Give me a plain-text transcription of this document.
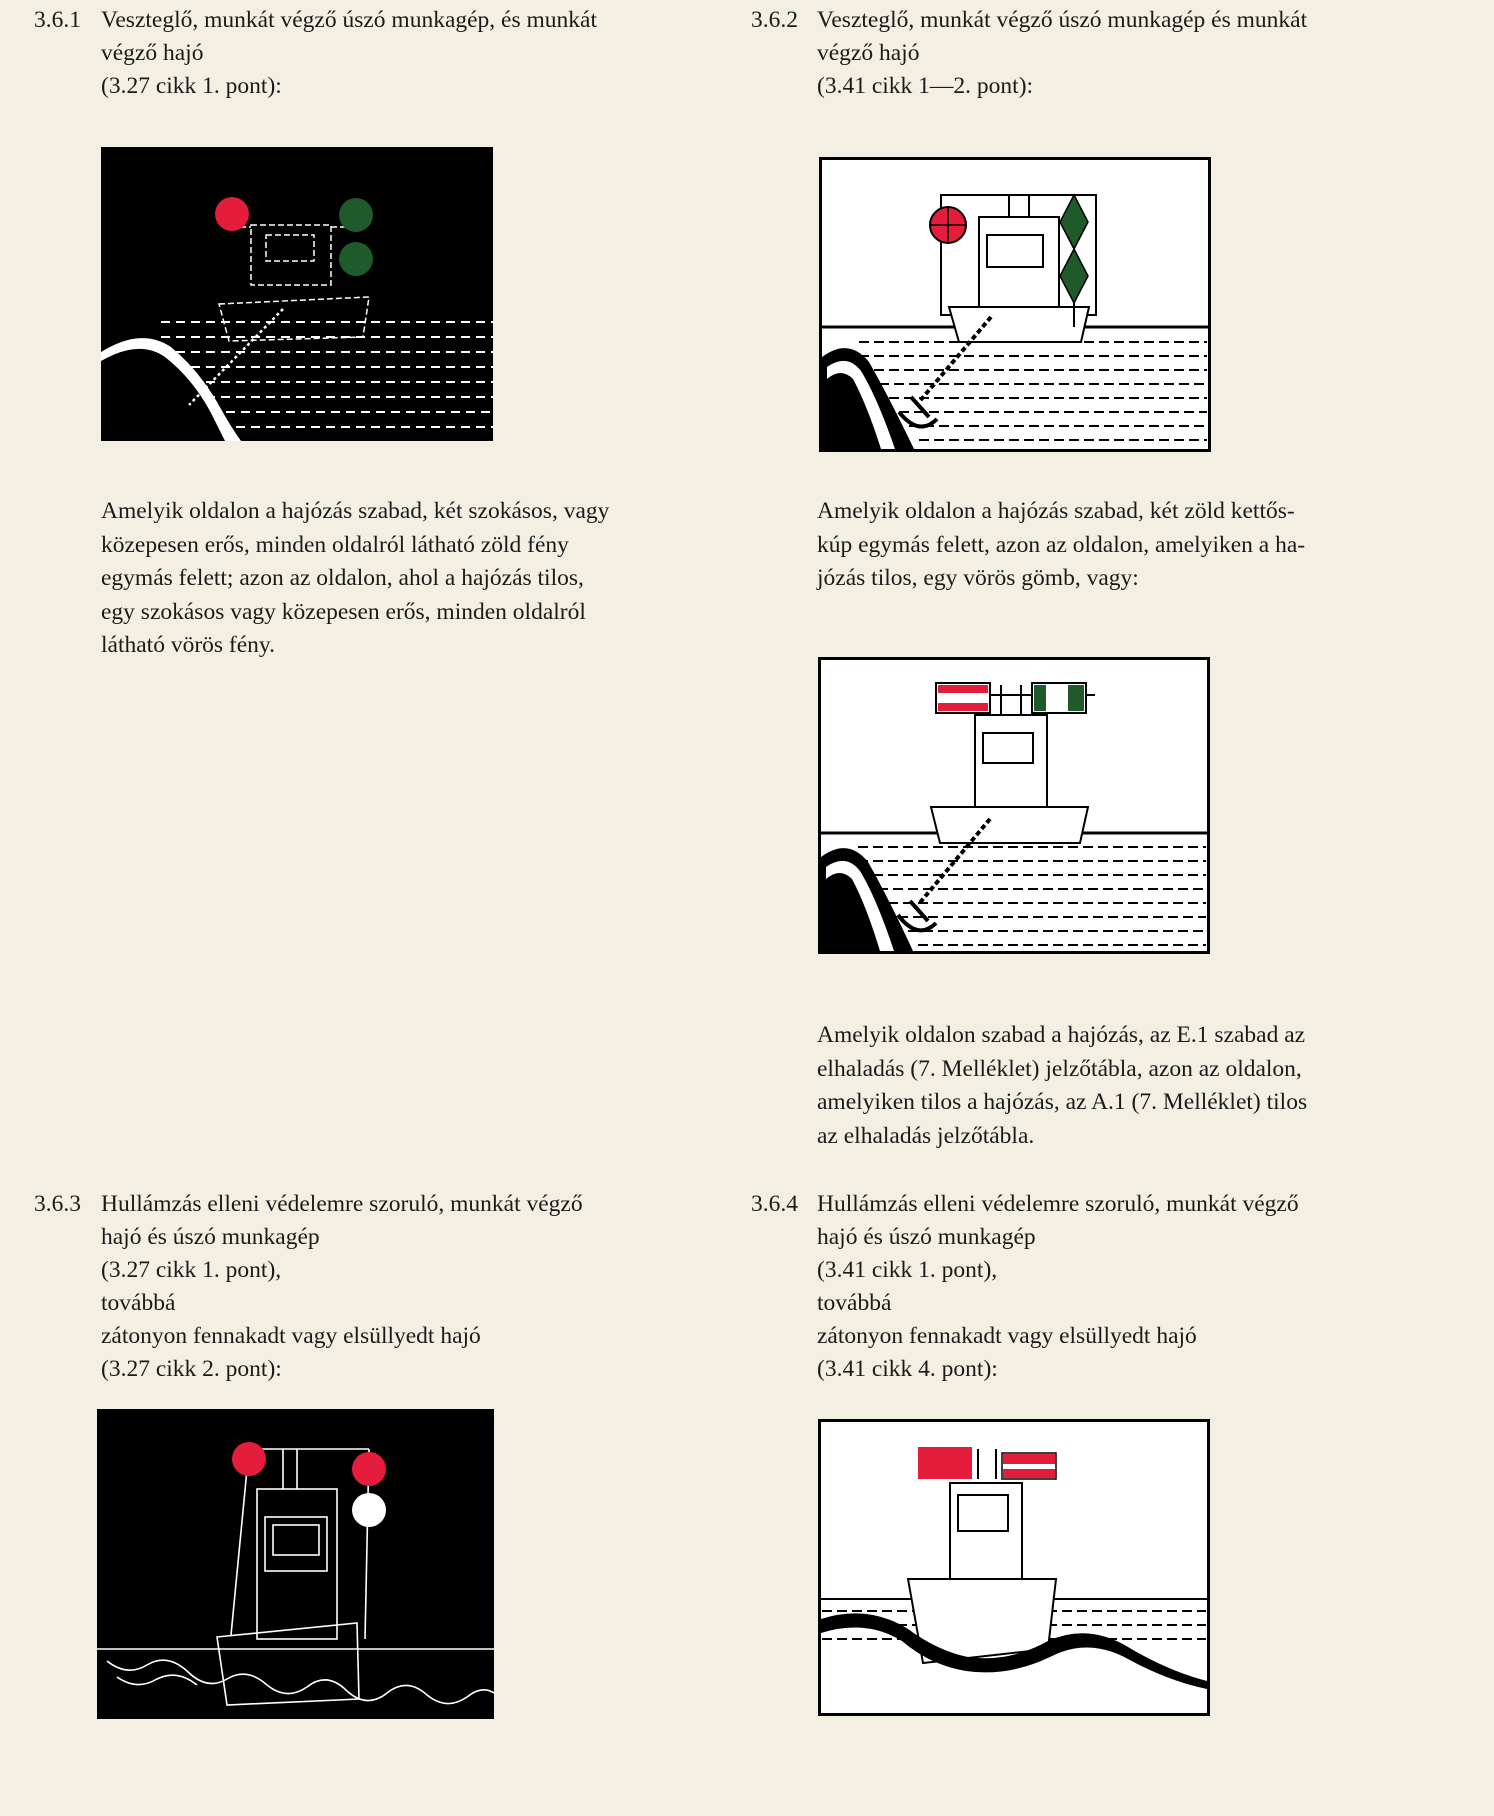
3.6.1 Veszteglő, munkát végző úszó munkagép, és munkát
végző hajó
(3.27 cikk 1. pont):
Amelyik oldalon a hajózás szabad, két szokásos, vagy
közepesen erős, minden oldalról látható zöld fény
egymás felett; azon az oldalon, ahol a hajózás tilos,
egy szokásos vagy közepesen erős, minden oldalról
látható vörös fény.
3.6.2 Veszteglő, munkát végző úszó munkagép és munkát
végző hajó
(3.41 cikk 1—2. pont):
Amelyik oldalon a hajózás szabad, két zöld kettős-
kúp egymás felett, azon az oldalon, amelyiken a ha-
józás tilos, egy vörös gömb, vagy:
Amelyik oldalon szabad a hajózás, az E.1 szabad az
elhaladás (7. Melléklet) jelzőtábla, azon az oldalon,
amelyiken tilos a hajózás, az A.1 (7. Melléklet) tilos
az elhaladás jelzőtábla.
3.6.3 Hullámzás elleni védelemre szoruló, munkát végző
hajó és úszó munkagép
(3.27 cikk 1. pont),
továbbá
zátonyon fennakadt vagy elsüllyedt hajó
(3.27 cikk 2. pont):
3.6.4 Hullámzás elleni védelemre szoruló, munkát végző
hajó és úszó munkagép
(3.41 cikk 1. pont),
továbbá
zátonyon fennakadt vagy elsüllyedt hajó
(3.41 cikk 4. pont):
